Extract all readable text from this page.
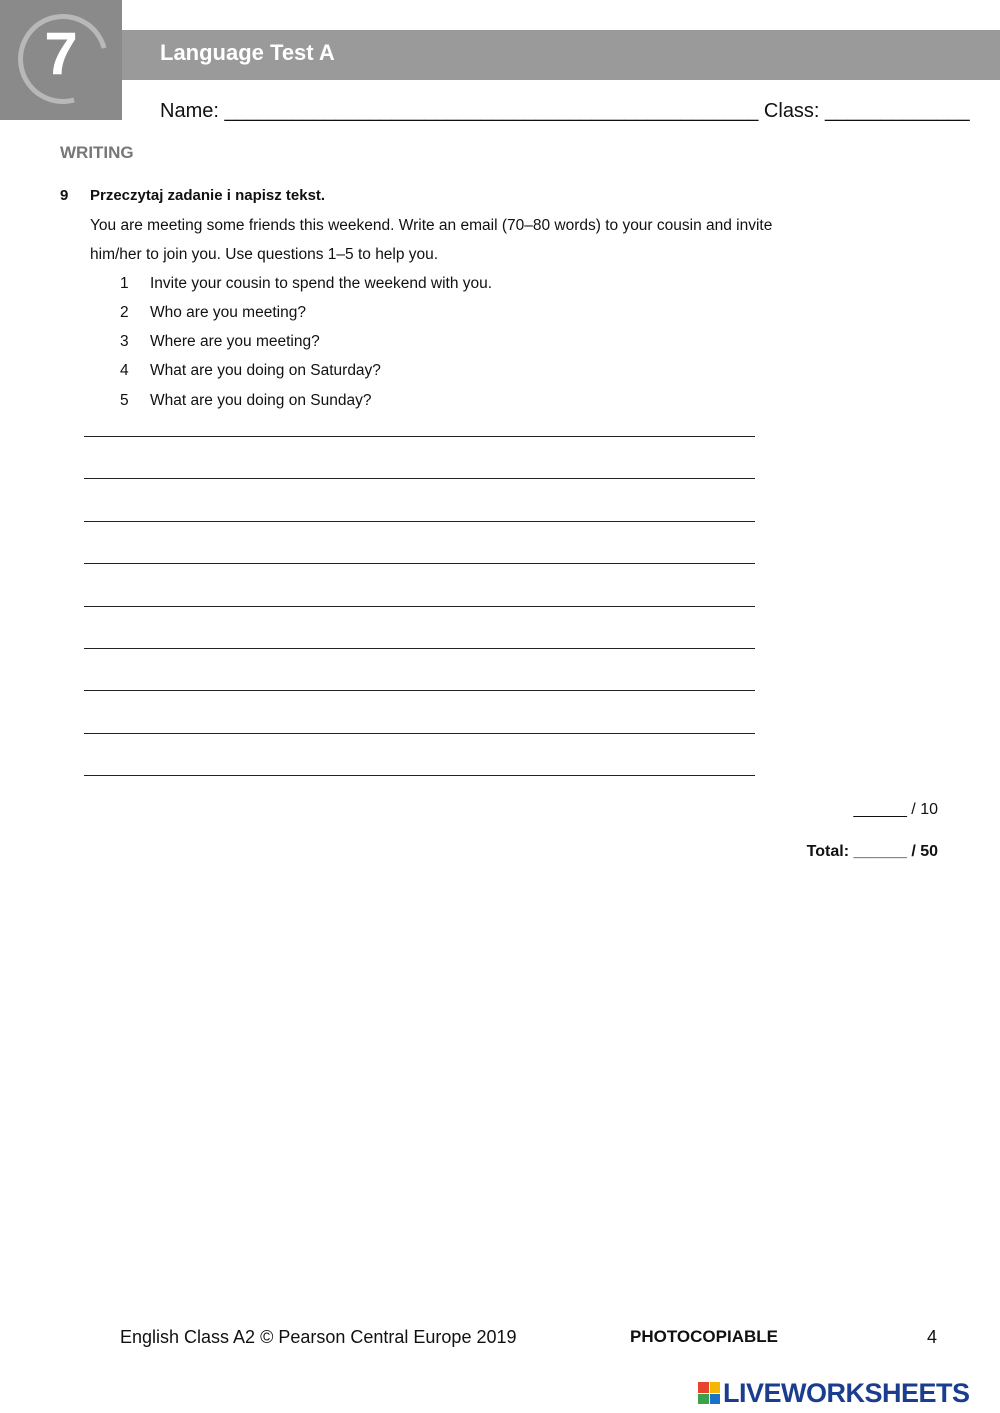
7	Language Test A
Name: ________________________________________________ Class: _____________
WRITING
9 Przeczytaj zadanie i napisz tekst.
You are meeting some friends this weekend. Write an email (70–80 words) to your cousin and invite
him/her to join you. Use questions 1–5 to help you.
1 Invite your cousin to spend the weekend with you.
2 Who are you meeting?
3 Where are you meeting?
4 What are you doing on Saturday?
5 What are you doing on Sunday?
______ / 10
Total: ______ / 50
English Class A2 © Pearson Central Europe 2019	PHOTOCOPIABLE	4
LIVEWORKSHEETS
